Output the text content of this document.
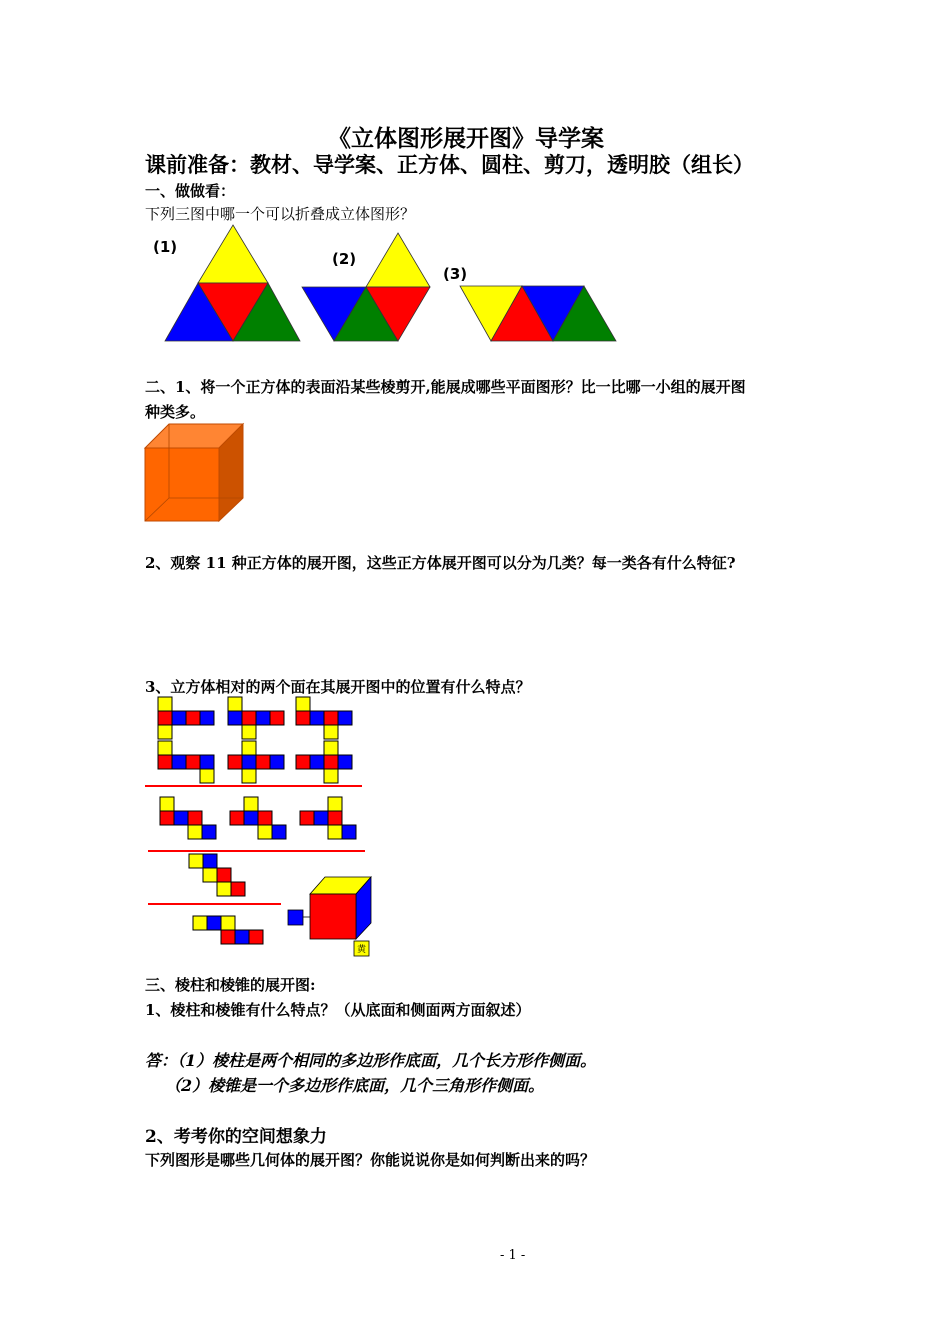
《立体图形展开图》导学案
课前准备：教材、导学案、正方体、圆柱、剪刀，透明胶（组长）
一、做做看：
下列三图中哪一个可以折叠成立体图形？
(1)
(2)
(3)
二、1、将一个正方体的表面沿某些棱剪开,能展成哪些平面图形？比一比哪一小组的展开图
种类多。
2、观察 11 种正方体的展开图，这些正方体展开图可以分为几类？每一类各有什么特征?
3、立方体相对的两个面在其展开图中的位置有什么特点？
三、棱柱和棱锥的展开图:
1、棱柱和棱锥有什么特点？（从底面和侧面两方面叙述）
答：（1）棱柱是两个相同的多边形作底面，几个长方形作侧面。
（2）棱锥是一个多边形作底面，几个三角形作侧面。
2、考考你的空间想象力
下列图形是哪些几何体的展开图？你能说说你是如何判断出来的吗？
- 1 -
黄
